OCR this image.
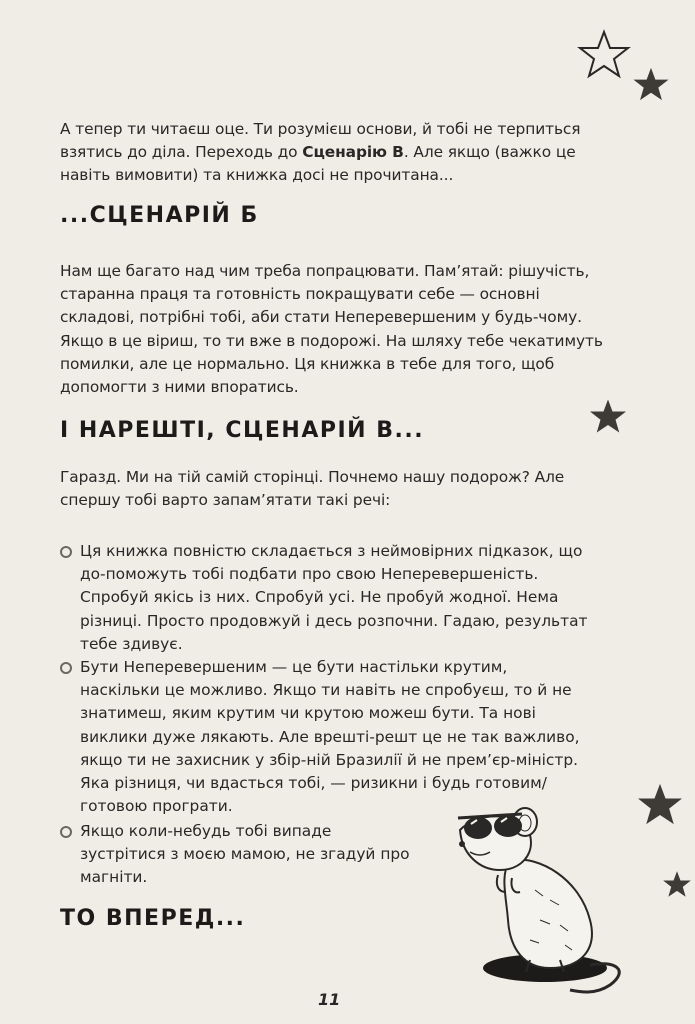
А тепер ти читаєш оце. Ти розумієш основи, й тобі не терпиться взятись до діла. Переходь до Сценарію В. Але якщо (важко це навіть вимовити) та книжка досі не прочитана...

...СЦЕНАРІЙ Б

Нам ще багато над чим треба попрацювати. Пам’ятай: рішучість, старанна праця та готовність покращувати себе — основні складові, потрібні тобі, аби стати Неперевершеним у будь-чому. Якщо в це віриш, то ти вже в подорожі. На шляху тебе чекатимуть помилки, але це нормально. Ця книжка в тебе для того, щоб допомогти з ними впоратись.

І НАРЕШТІ, СЦЕНАРІЙ В...

Гаразд. Ми на тій самій сторінці. Почнемо нашу подорож? Але спершу тобі варто запам’ятати такі речі:

Ця книжка повністю складається з неймовірних підказок, що до-поможуть тобі подбати про свою Неперевершеність. Спробуй якісь із них. Спробуй усі. Не пробуй жодної. Нема різниці. Просто продовжуй і десь розпочни. Гадаю, результат тебе здивує.
Бути Неперевершеним — це бути настільки крутим, наскільки це можливо. Якщо ти навіть не спробуєш, то й не знатимеш, яким крутим чи крутою можеш бути. Та нові виклики дуже лякають. Але врешті-решт це не так важливо, якщо ти не захисник у збір-ній Бразилії й не прем’єр-міністр. Яка різниця, чи вдасться тобі, — ризикни і будь готовим/готовою програти.
Якщо коли-небудь тобі випаде зустрітися з моєю мамою, не згадуй про магніти.
ТО ВПЕРЕД...
11
